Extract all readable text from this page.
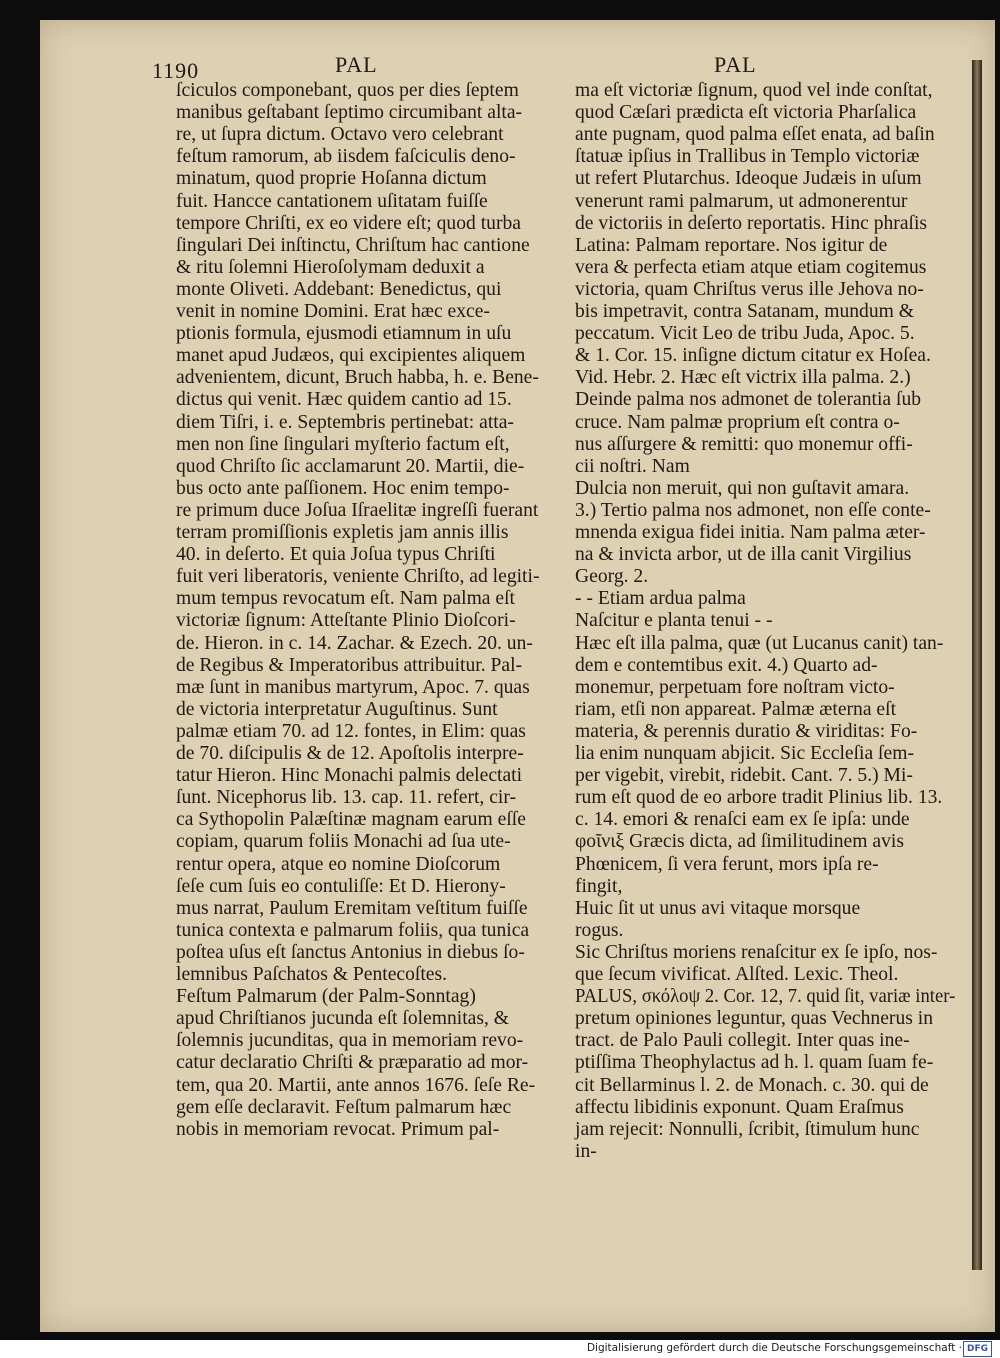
1190	PAL	PAL
ſciculos componebant, quos per dies ſeptem
manibus geſtabant ſeptimo circumibant alta-
re, ut ſupra dictum. Octavo vero celebrant
feſtum ramorum, ab iisdem faſciculis deno-
minatum, quod proprie Hoſanna dictum
fuit. Hancce cantationem uſitatam fuiſſe
tempore Chriſti, ex eo videre eſt; quod turba
ſingulari Dei inſtinctu, Chriſtum hac cantione
& ritu ſolemni Hieroſolymam deduxit a
monte Oliveti. Addebant: Benedictus, qui
venit in nomine Domini. Erat hæc exce-
ptionis formula, ejusmodi etiamnum in uſu
manet apud Judæos, qui excipientes aliquem
advenientem, dicunt, Bruch habba, h. e. Bene-
dictus qui venit. Hæc quidem cantio ad 15.
diem Tiſri, i. e. Septembris pertinebat: atta-
men non ſine ſingulari myſterio factum eſt,
quod Chriſto ſic acclamarunt 20. Martii, die-
bus octo ante paſſionem. Hoc enim tempo-
re primum duce Joſua Iſraelitæ ingreſſi fuerant
terram promiſſionis expletis jam annis illis
40. in deſerto. Et quia Joſua typus Chriſti
fuit veri liberatoris, veniente Chriſto, ad legiti-
mum tempus revocatum eſt. Nam palma eſt
victoriæ ſignum: Atteſtante Plinio Dioſcori-
de. Hieron. in c. 14. Zachar. & Ezech. 20. un-
de Regibus & Imperatoribus attribuitur. Pal-
mæ ſunt in manibus martyrum, Apoc. 7. quas
de victoria interpretatur Auguſtinus. Sunt
palmæ etiam 70. ad 12. fontes, in Elim: quas
de 70. diſcipulis & de 12. Apoſtolis interpre-
tatur Hieron. Hinc Monachi palmis delectati
ſunt. Nicephorus lib. 13. cap. 11. refert, cir-
ca Sythopolin Palæſtinæ magnam earum eſſe
copiam, quarum foliis Monachi ad ſua ute-
rentur opera, atque eo nomine Dioſcorum
ſeſe cum ſuis eo contuliſſe: Et D. Hierony-
mus narrat, Paulum Eremitam veſtitum fuiſſe
tunica contexta e palmarum foliis, qua tunica
poſtea uſus eſt ſanctus Antonius in diebus ſo-
lemnibus Paſchatos & Pentecoſtes.
Feſtum Palmarum (der Palm-Sonntag)
apud Chriſtianos jucunda eſt ſolemnitas, &
ſolemnis jucunditas, qua in memoriam revo-
catur declaratio Chriſti & præparatio ad mor-
tem, qua 20. Martii, ante annos 1676. ſeſe Re-
gem eſſe declaravit. Feſtum palmarum hæc
nobis in memoriam revocat. Primum pal-
ma eſt victoriæ ſignum, quod vel inde conſtat,
quod Cæſari prædicta eſt victoria Pharſalica
ante pugnam, quod palma eſſet enata, ad baſin
ſtatuæ ipſius in Trallibus in Templo victoriæ
ut refert Plutarchus. Ideoque Judæis in uſum
venerunt rami palmarum, ut admonerentur
de victoriis in deſerto reportatis. Hinc phraſis
Latina: Palmam reportare. Nos igitur de
vera & perfecta etiam atque etiam cogitemus
victoria, quam Chriſtus verus ille Jehova no-
bis impetravit, contra Satanam, mundum &
peccatum. Vicit Leo de tribu Juda, Apoc. 5.
& 1. Cor. 15. inſigne dictum citatur ex Hoſea.
Vid. Hebr. 2. Hæc eſt victrix illa palma. 2.)
Deinde palma nos admonet de tolerantia ſub
cruce. Nam palmæ proprium eſt contra o-
nus aſſurgere & remitti: quo monemur offi-
cii noſtri. Nam
Dulcia non meruit, qui non guſtavit amara.
3.) Tertio palma nos admonet, non eſſe conte-
mnenda exigua fidei initia. Nam palma æter-
na & invicta arbor, ut de illa canit Virgilius
Georg. 2.
- - Etiam ardua palma
Naſcitur e planta tenui - -
Hæc eſt illa palma, quæ (ut Lucanus canit) tan-
dem e contemtibus exit. 4.) Quarto ad-
monemur, perpetuam fore noſtram victo-
riam, etſi non appareat. Palmæ æterna eſt
materia, & perennis duratio & viriditas: Fo-
lia enim nunquam abjicit. Sic Eccleſia ſem-
per vigebit, virebit, ridebit. Cant. 7. 5.) Mi-
rum eſt quod de eo arbore tradit Plinius lib. 13.
c. 14. emori & renaſci eam ex ſe ipſa: unde
φοῖνιξ Græcis dicta, ad ſimilitudinem avis
Phœnicem, ſi vera ferunt, mors ipſa re-
fingit,
Huic ſit ut unus avi vitaque morsque
rogus.
Sic Chriſtus moriens renaſcitur ex ſe ipſo, nos-
que ſecum vivificat. Alſted. Lexic. Theol.
PALUS, σκόλοψ 2. Cor. 12, 7. quid ſit, variæ inter-
pretum opiniones leguntur, quas Vechnerus in
tract. de Palo Pauli collegit. Inter quas ine-
ptiſſima Theophylactus ad h. l. quam ſuam fe-
cit Bellarminus l. 2. de Monach. c. 30. qui de
affectu libidinis exponunt. Quam Eraſmus
jam rejecit: Nonnulli, ſcribit, ſtimulum hunc
in-
Digitalisierung gefördert durch die Deutsche Forschungsgemeinschaft · DFG
